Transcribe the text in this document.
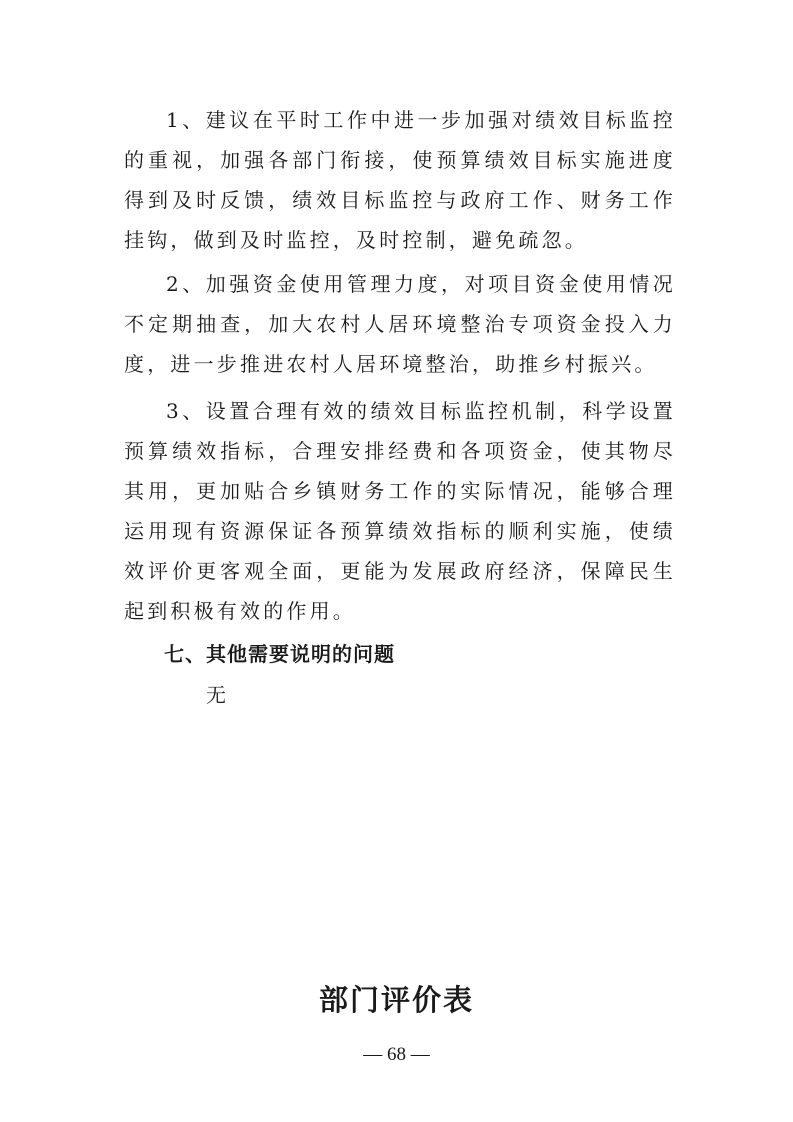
1、建议在平时工作中进一步加强对绩效目标监控的重视，加强各部门衔接，使预算绩效目标实施进度得到及时反馈，绩效目标监控与政府工作、财务工作挂钩，做到及时监控，及时控制，避免疏忽。

2、加强资金使用管理力度，对项目资金使用情况不定期抽查，加大农村人居环境整治专项资金投入力度，进一步推进农村人居环境整治，助推乡村振兴。

3、设置合理有效的绩效目标监控机制，科学设置预算绩效指标，合理安排经费和各项资金，使其物尽其用，更加贴合乡镇财务工作的实际情况，能够合理运用现有资源保证各预算绩效指标的顺利实施，使绩效评价更客观全面，更能为发展政府经济，保障民生起到积极有效的作用。

七、其他需要说明的问题

无

部门评价表
— 68 —
